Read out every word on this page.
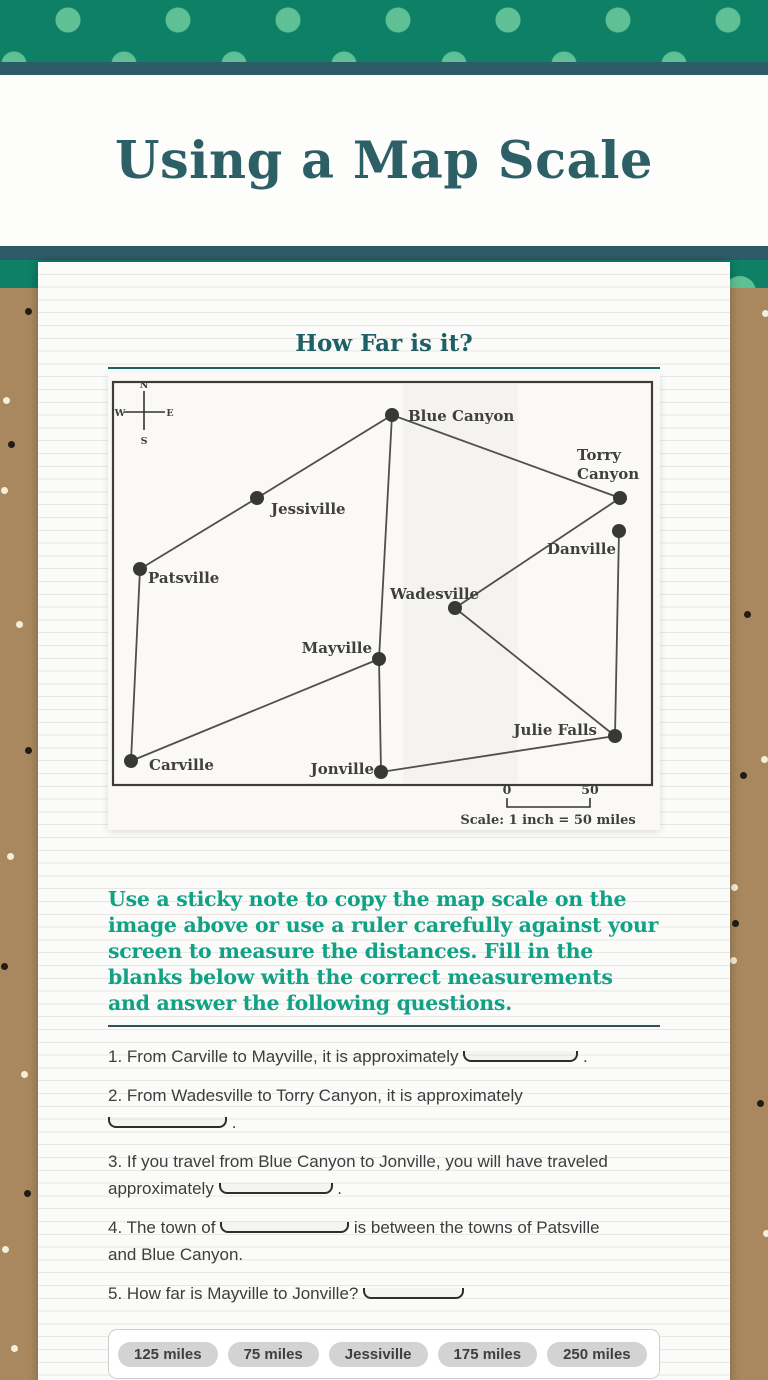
Using a Map Scale
How Far is it?
N
S
W	E	Blue Canyon
Torry
Canyon
Danville
Jessiville
Patsville
Wadesville
Mayville
Julie Falls
Carville	Jonville
0	50
Scale: 1 inch = 50 miles

Use a sticky note to copy the map scale on the image above or use a ruler carefully against your screen to measure the distances. Fill in the blanks below with the correct measurements and answer the following questions.

1. From Carville to Mayville, it is approximately	.

2. From Wadesville to Torry Canyon, it is approximately
.

3. If you travel from Blue Canyon to Jonville, you will have traveled
approximately	.

4. The town of	is between the towns of Patsville
and Blue Canyon.

5. How far is Mayville to Jonville?

125 miles	75 miles	Jessiville	175 miles	250 miles
